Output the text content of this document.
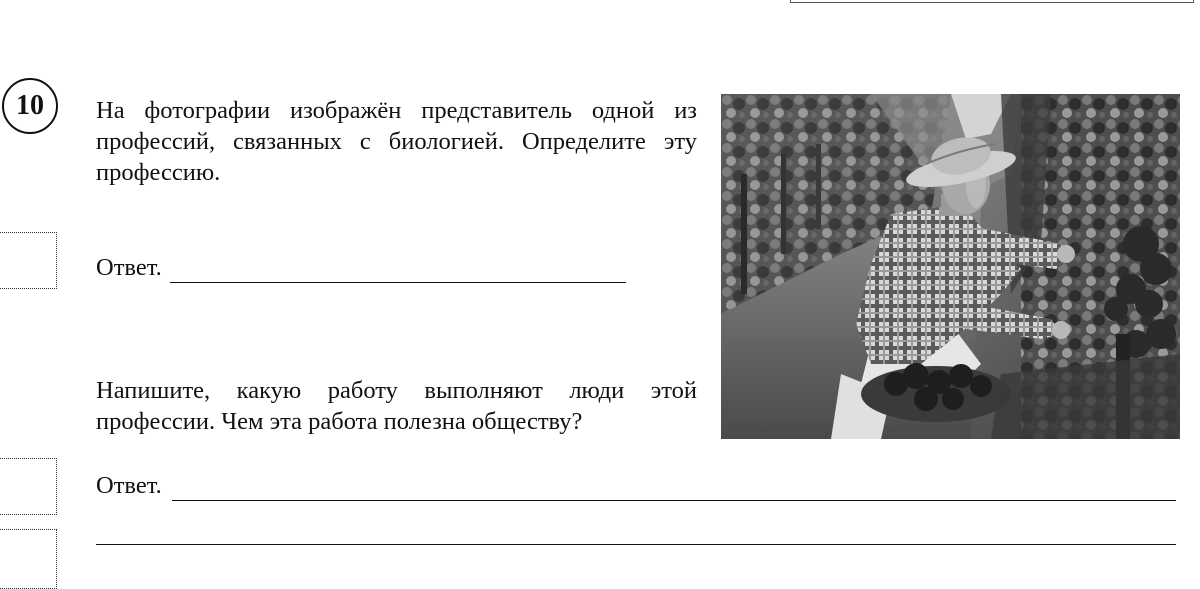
10 На фотографии изображён представитель одной из профессий, связанных с биологией. Определите эту профессию.
Ответ.
Напишите, какую работу выполняют люди этой профессии. Чем эта работа полезна обществу?
Ответ.
